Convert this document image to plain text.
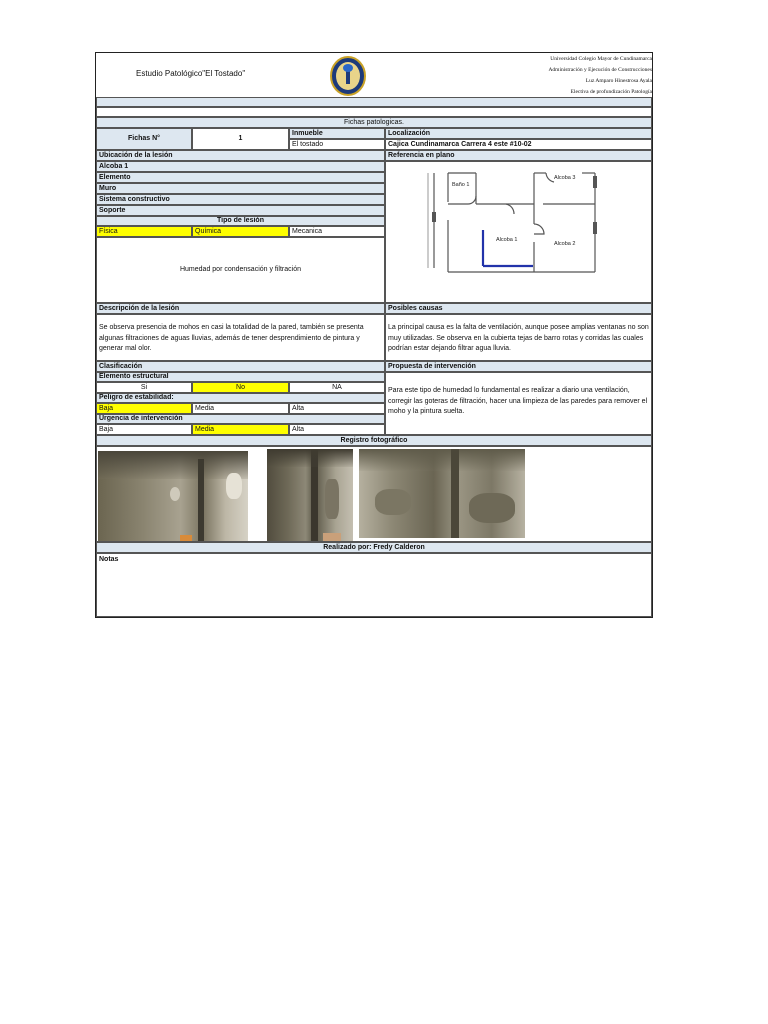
Estudio Patológico"El Tostado"
Universidad Colegio Mayor de Cundinamarca
Administración y Ejecución de Construcciones
Luz Amparo Hinestrosa Ayala
Electiva de profundización Patología
Fichas patologicas.
Fichas N°	1
Inmueble
El tostado
Localización
Cajica Cundinamarca Carrera 4 este #10-02
Ubicación de la lesión	Referencia en plano
Alcoba 1
Elemento
Muro
Sistema constructivo
Soporte
Tipo de lesión
Física	Química	Mecanica
Humedad por condensación y filtración
Baño 1
Alcoba 3
Alcoba 1
Alcoba 2
Descripción de la lesión	Posibles causas
Se observa presencia de mohos en casi la totalidad de la pared, también se presenta algunas filtraciones de aguas lluvias, además de tener desprendimiento de pintura y generar mal olor.
La principal causa es la falta de ventilación, aunque posee amplias ventanas no son muy utilizadas. Se observa en la cubierta tejas de barro rotas y corridas las cuales podrían estar dejando filtrar agua lluvia.
Clasificación	Propuesta de intervención
Elemento estructural
Si	No	NA
Peligro de estabilidad:
Baja	Media	Alta
Urgencia de intervención
Baja	Media	Alta
Para este tipo de humedad lo fundamental es realizar a diario una ventilación, corregir las goteras de filtración, hacer una limpieza de las paredes para remover el moho y la pintura suelta.
Registro fotográfico
Realizado por: Fredy Calderon
Notas
